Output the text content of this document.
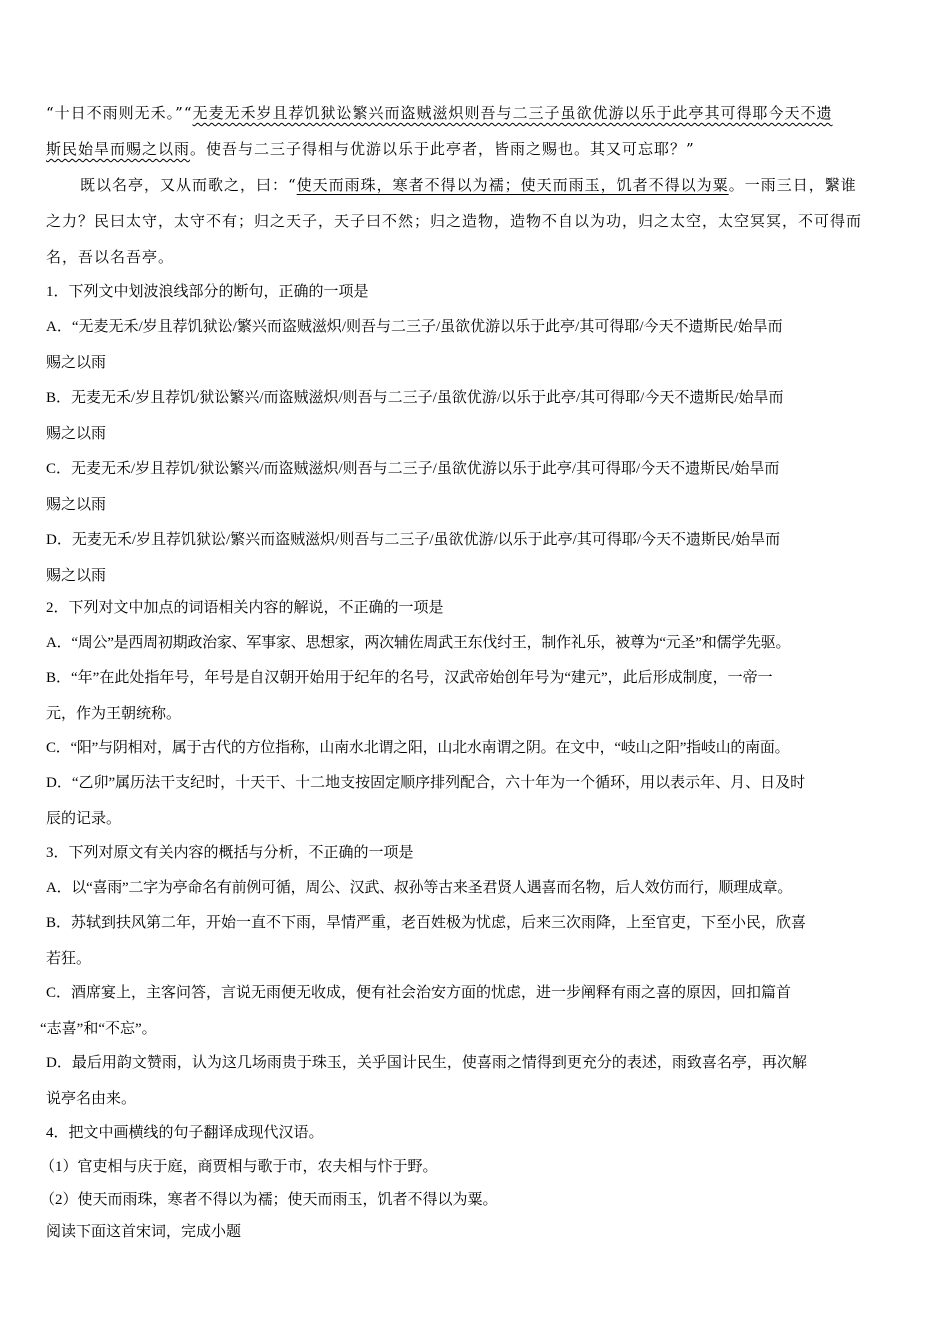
“十日不雨则无禾。”“无麦无禾岁且荐饥狱讼繁兴而盗贼滋炽则吾与二三子虽欲优游以乐于此亭其可得耶今天不遗
斯民始旱而赐之以雨。使吾与二三子得相与优游以乐于此亭者，皆雨之赐也。其又可忘耶？”
既以名亭，又从而歌之，曰：“使天而雨珠，寒者不得以为襦；使天而雨玉，饥者不得以为粟。一雨三日，繄谁
之力？民曰太守，太守不有；归之天子，天子曰不然；归之造物，造物不自以为功，归之太空，太空冥冥，不可得而
名，吾以名吾亭。
1．下列文中划波浪线部分的断句，正确的一项是
A．“无麦无禾/岁且荐饥狱讼/繁兴而盗贼滋炽/则吾与二三子/虽欲优游以乐于此亭/其可得耶/今天不遗斯民/始旱而
赐之以雨
B．无麦无禾/岁且荐饥/狱讼繁兴/而盗贼滋炽/则吾与二三子/虽欲优游/以乐于此亭/其可得耶/今天不遗斯民/始旱而
赐之以雨
C．无麦无禾/岁且荐饥/狱讼繁兴/而盗贼滋炽/则吾与二三子/虽欲优游以乐于此亭/其可得耶/今天不遗斯民/始旱而
赐之以雨
D．无麦无禾/岁且荐饥狱讼/繁兴而盗贼滋炽/则吾与二三子/虽欲优游/以乐于此亭/其可得耶/今天不遗斯民/始旱而
赐之以雨
2．下列对文中加点的词语相关内容的解说，不正确的一项是
A．“周公”是西周初期政治家、军事家、思想家，两次辅佐周武王东伐纣王，制作礼乐，被尊为“元圣”和儒学先驱。
B．“年”在此处指年号，年号是自汉朝开始用于纪年的名号，汉武帝始创年号为“建元”，此后形成制度，一帝一
元，作为王朝统称。
C．“阳”与阴相对，属于古代的方位指称，山南水北谓之阳，山北水南谓之阴。在文中，“岐山之阳”指岐山的南面。
D．“乙卯”属历法干支纪时，十天干、十二地支按固定顺序排列配合，六十年为一个循环，用以表示年、月、日及时
辰的记录。
3．下列对原文有关内容的概括与分析，不正确的一项是
A．以“喜雨”二字为亭命名有前例可循，周公、汉武、叔孙等古来圣君贤人遇喜而名物，后人效仿而行，顺理成章。
B．苏轼到扶风第二年，开始一直不下雨，旱情严重，老百姓极为忧虑，后来三次雨降，上至官吏，下至小民，欣喜
若狂。
C．酒席宴上，主客问答，言说无雨便无收成，便有社会治安方面的忧虑，进一步阐释有雨之喜的原因，回扣篇首
“志喜”和“不忘”。
D．最后用韵文赞雨，认为这几场雨贵于珠玉，关乎国计民生，使喜雨之情得到更充分的表述，雨致喜名亭，再次解
说亭名由来。
4．把文中画横线的句子翻译成现代汉语。
（1）官吏相与庆于庭，商贾相与歌于市，农夫相与忭于野。
（2）使天而雨珠，寒者不得以为襦；使天而雨玉，饥者不得以为粟。
阅读下面这首宋词，完成小题
